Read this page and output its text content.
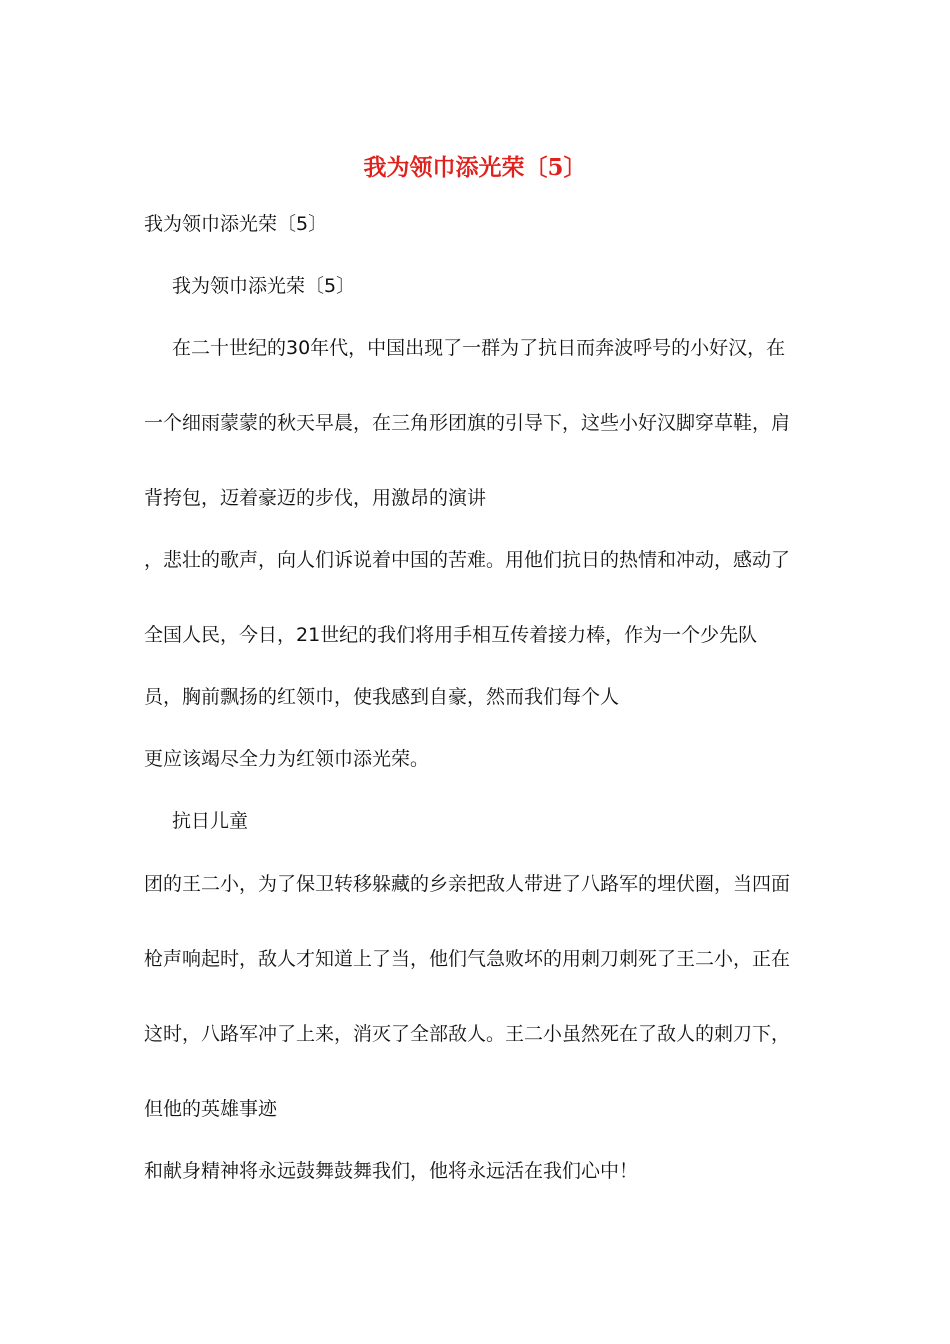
我为领巾添光荣〔5〕
我为领巾添光荣〔5〕
我为领巾添光荣〔5〕
在二十世纪的30年代，中国出现了一群为了抗日而奔波呼号的小好汉，在
一个细雨蒙蒙的秋天早晨，在三角形团旗的引导下，这些小好汉脚穿草鞋，肩
背挎包，迈着豪迈的步伐，用激昂的演讲
，悲壮的歌声，向人们诉说着中国的苦难。用他们抗日的热情和冲动，感动了
全国人民，今日，21世纪的我们将用手相互传着接力棒，作为一个少先队
员，胸前飘扬的红领巾，使我感到自豪，然而我们每个人
更应该竭尽全力为红领巾添光荣。
抗日儿童
团的王二小，为了保卫转移躲藏的乡亲把敌人带进了八路军的埋伏圈，当四面
枪声响起时，敌人才知道上了当，他们气急败坏的用刺刀刺死了王二小，正在
这时，八路军冲了上来，消灭了全部敌人。王二小虽然死在了敌人的刺刀下，
但他的英雄事迹
和献身精神将永远鼓舞鼓舞我们，他将永远活在我们心中！
